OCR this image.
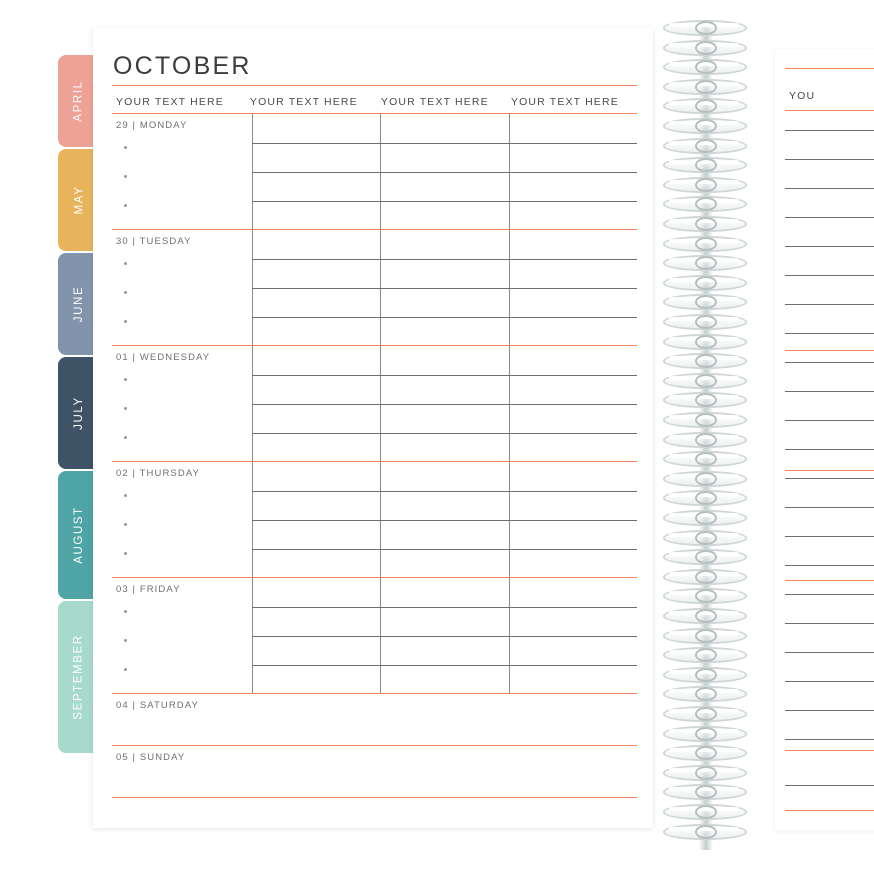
APRIL
MAY
JUNE
JULY
AUGUST
SEPTEMBER
OCTOBER
YOUR TEXT HERE	YOUR TEXT HERE	YOUR TEXT HERE	YOUR TEXT HERE
29 | MONDAY
30 | TUESDAY
01 | WEDNESDAY
02 | THURSDAY
03 | FRIDAY
04 | SATURDAY
05 | SUNDAY
YOU
